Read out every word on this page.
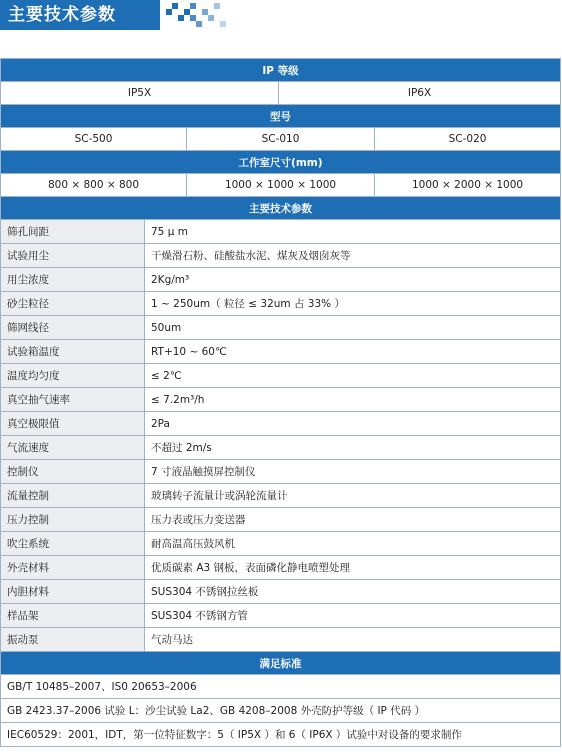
主要技术参数
IP 等级				
IP5X			IP6X	
型号				
SC-500		SC-010		SC-020
工作室尺寸(mm)				
800 × 800 × 800		1000 × 1000 × 1000		1000 × 2000 × 1000
主要技术参数				
筛孔间距	75 μ m			
试验用尘	干燥滑石粉、硅酸盐水泥、煤灰及烟囱灰等			
用尘浓度	2Kg/m³			
砂尘粒径	1 ~ 250um（ 粒径 ≤ 32um 占 33% ）			
筛网线径	50um			
试验箱温度	RT+10 ~ 60℃			
温度均匀度	≤ 2℃			
真空抽气速率	≤ 7.2m³/h			
真空极限值	2Pa			
气流速度	不超过 2m/s			
控制仪	7 寸液晶触摸屏控制仪			
流量控制	玻璃转子流量计或涡轮流量计			
压力控制	压力表或压力变送器			
吹尘系统	耐高温高压鼓风机			
外壳材料	优质碳素 A3 钢板，表面磷化静电喷塑处理			
内胆材料	SUS304 不锈钢拉丝板			
样品架	SUS304 不锈钢方管			
振动泵	气动马达			
满足标准				
GB/T 10485–2007、IS0 20653–2006				
GB 2423.37–2006 试验 L：沙尘试验 La2、GB 4208–2008 外壳防护等级（ IP 代码 ）				
IEC60529：2001，IDT，第一位特征数字：5（ IP5X ）和 6（ IP6X ）试验中对设备的要求制作				
